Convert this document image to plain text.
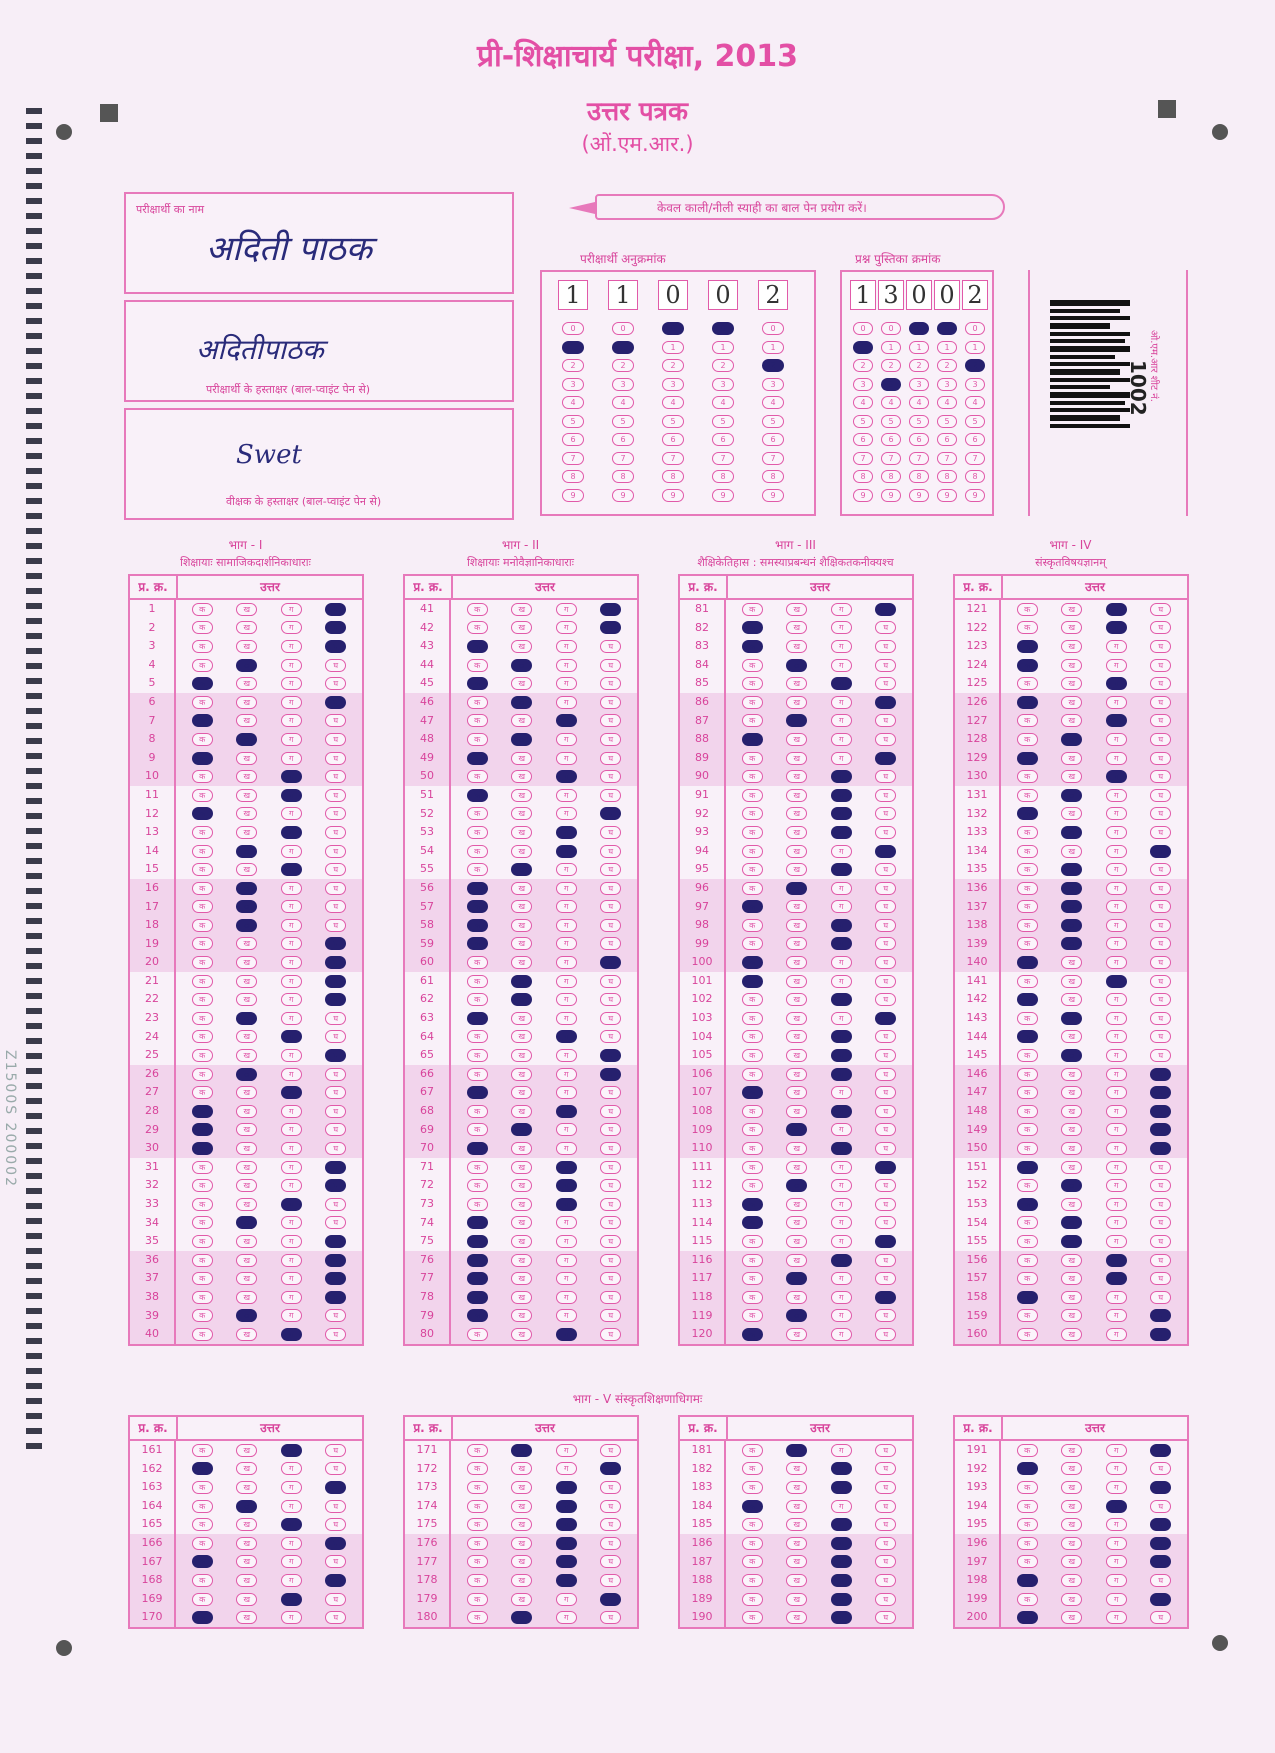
प्री-शिक्षाचार्य परीक्षा, 2013
उत्तर पत्रक
(ओं.एम.आर.)
Z1500S 200002
परीक्षार्थी का नाम
अदिती पाठक
अदितीपाठक
परीक्षार्थी के हस्ताक्षर (बाल-प्वाइंट पेन से)
Swet
वीक्षक के हस्ताक्षर (बाल-प्वाइंट पेन से)
केवल काली/नीली स्याही का बाल पेन प्रयोग करें।
परीक्षार्थी अनुक्रमांक
1
0
1
2
3
4
5
6
7
8
9
1
0
1
2
3
4
5
6
7
8
9
0
0
1
2
3
4
5
6
7
8
9
0
0
1
2
3
4
5
6
7
8
9
2
0
1
2
3
4
5
6
7
8
9
प्रश्न पुस्तिका क्रमांक
1
0
1
2
3
4
5
6
7
8
9
3
0
1
2
3
4
5
6
7
8
9
0
0
1
2
3
4
5
6
7
8
9
0
0
1
2
3
4
5
6
7
8
9
2
0
1
2
3
4
5
6
7
8
9
ओ.एम.आर शीट नं.
1002
भाग - I
शिक्षायाः सामाजिकदार्शनिकाधाराः
प्र. क्र.	उत्तर
1	क	ख	ग	घ
2	क	ख	ग	घ
3	क	ख	ग	घ
4	क	ख	ग	घ
5	क	ख	ग	घ
6	क	ख	ग	घ
7	क	ख	ग	घ
8	क	ख	ग	घ
9	क	ख	ग	घ
10	क	ख	ग	घ
11	क	ख	ग	घ
12	क	ख	ग	घ
13	क	ख	ग	घ
14	क	ख	ग	घ
15	क	ख	ग	घ
16	क	ख	ग	घ
17	क	ख	ग	घ
18	क	ख	ग	घ
19	क	ख	ग	घ
20	क	ख	ग	घ
21	क	ख	ग	घ
22	क	ख	ग	घ
23	क	ख	ग	घ
24	क	ख	ग	घ
25	क	ख	ग	घ
26	क	ख	ग	घ
27	क	ख	ग	घ
28	क	ख	ग	घ
29	क	ख	ग	घ
30	क	ख	ग	घ
31	क	ख	ग	घ
32	क	ख	ग	घ
33	क	ख	ग	घ
34	क	ख	ग	घ
35	क	ख	ग	घ
36	क	ख	ग	घ
37	क	ख	ग	घ
38	क	ख	ग	घ
39	क	ख	ग	घ
40	क	ख	ग	घ
भाग - II
शिक्षायाः मनोवैज्ञानिकाधाराः
प्र. क्र.	उत्तर
41	क	ख	ग	घ
42	क	ख	ग	घ
43	क	ख	ग	घ
44	क	ख	ग	घ
45	क	ख	ग	घ
46	क	ख	ग	घ
47	क	ख	ग	घ
48	क	ख	ग	घ
49	क	ख	ग	घ
50	क	ख	ग	घ
51	क	ख	ग	घ
52	क	ख	ग	घ
53	क	ख	ग	घ
54	क	ख	ग	घ
55	क	ख	ग	घ
56	क	ख	ग	घ
57	क	ख	ग	घ
58	क	ख	ग	घ
59	क	ख	ग	घ
60	क	ख	ग	घ
61	क	ख	ग	घ
62	क	ख	ग	घ
63	क	ख	ग	घ
64	क	ख	ग	घ
65	क	ख	ग	घ
66	क	ख	ग	घ
67	क	ख	ग	घ
68	क	ख	ग	घ
69	क	ख	ग	घ
70	क	ख	ग	घ
71	क	ख	ग	घ
72	क	ख	ग	घ
73	क	ख	ग	घ
74	क	ख	ग	घ
75	क	ख	ग	घ
76	क	ख	ग	घ
77	क	ख	ग	घ
78	क	ख	ग	घ
79	क	ख	ग	घ
80	क	ख	ग	घ
भाग - III
शैक्षिकेतिहास : समस्याप्रबन्धनं शैक्षिकतकनीक्यश्च
प्र. क्र.	उत्तर
81	क	ख	ग	घ
82	क	ख	ग	घ
83	क	ख	ग	घ
84	क	ख	ग	घ
85	क	ख	ग	घ
86	क	ख	ग	घ
87	क	ख	ग	घ
88	क	ख	ग	घ
89	क	ख	ग	घ
90	क	ख	ग	घ
91	क	ख	ग	घ
92	क	ख	ग	घ
93	क	ख	ग	घ
94	क	ख	ग	घ
95	क	ख	ग	घ
96	क	ख	ग	घ
97	क	ख	ग	घ
98	क	ख	ग	घ
99	क	ख	ग	घ
100	क	ख	ग	घ
101	क	ख	ग	घ
102	क	ख	ग	घ
103	क	ख	ग	घ
104	क	ख	ग	घ
105	क	ख	ग	घ
106	क	ख	ग	घ
107	क	ख	ग	घ
108	क	ख	ग	घ
109	क	ख	ग	घ
110	क	ख	ग	घ
111	क	ख	ग	घ
112	क	ख	ग	घ
113	क	ख	ग	घ
114	क	ख	ग	घ
115	क	ख	ग	घ
116	क	ख	ग	घ
117	क	ख	ग	घ
118	क	ख	ग	घ
119	क	ख	ग	घ
120	क	ख	ग	घ
भाग - IV
संस्कृतविषयज्ञानम्
प्र. क्र.	उत्तर
121	क	ख	ग	घ
122	क	ख	ग	घ
123	क	ख	ग	घ
124	क	ख	ग	घ
125	क	ख	ग	घ
126	क	ख	ग	घ
127	क	ख	ग	घ
128	क	ख	ग	घ
129	क	ख	ग	घ
130	क	ख	ग	घ
131	क	ख	ग	घ
132	क	ख	ग	घ
133	क	ख	ग	घ
134	क	ख	ग	घ
135	क	ख	ग	घ
136	क	ख	ग	घ
137	क	ख	ग	घ
138	क	ख	ग	घ
139	क	ख	ग	घ
140	क	ख	ग	घ
141	क	ख	ग	घ
142	क	ख	ग	घ
143	क	ख	ग	घ
144	क	ख	ग	घ
145	क	ख	ग	घ
146	क	ख	ग	घ
147	क	ख	ग	घ
148	क	ख	ग	घ
149	क	ख	ग	घ
150	क	ख	ग	घ
151	क	ख	ग	घ
152	क	ख	ग	घ
153	क	ख	ग	घ
154	क	ख	ग	घ
155	क	ख	ग	घ
156	क	ख	ग	घ
157	क	ख	ग	घ
158	क	ख	ग	घ
159	क	ख	ग	घ
160	क	ख	ग	घ
भाग - V संस्कृतशिक्षणाधिगमः
प्र. क्र.	उत्तर
161	क	ख	ग	घ
162	क	ख	ग	घ
163	क	ख	ग	घ
164	क	ख	ग	घ
165	क	ख	ग	घ
166	क	ख	ग	घ
167	क	ख	ग	घ
168	क	ख	ग	घ
169	क	ख	ग	घ
170	क	ख	ग	घ
प्र. क्र.	उत्तर
171	क	ख	ग	घ
172	क	ख	ग	घ
173	क	ख	ग	घ
174	क	ख	ग	घ
175	क	ख	ग	घ
176	क	ख	ग	घ
177	क	ख	ग	घ
178	क	ख	ग	घ
179	क	ख	ग	घ
180	क	ख	ग	घ
प्र. क्र.	उत्तर
181	क	ख	ग	घ
182	क	ख	ग	घ
183	क	ख	ग	घ
184	क	ख	ग	घ
185	क	ख	ग	घ
186	क	ख	ग	घ
187	क	ख	ग	घ
188	क	ख	ग	घ
189	क	ख	ग	घ
190	क	ख	ग	घ
प्र. क्र.	उत्तर
191	क	ख	ग	घ
192	क	ख	ग	घ
193	क	ख	ग	घ
194	क	ख	ग	घ
195	क	ख	ग	घ
196	क	ख	ग	घ
197	क	ख	ग	घ
198	क	ख	ग	घ
199	क	ख	ग	घ
200	क	ख	ग	घ
